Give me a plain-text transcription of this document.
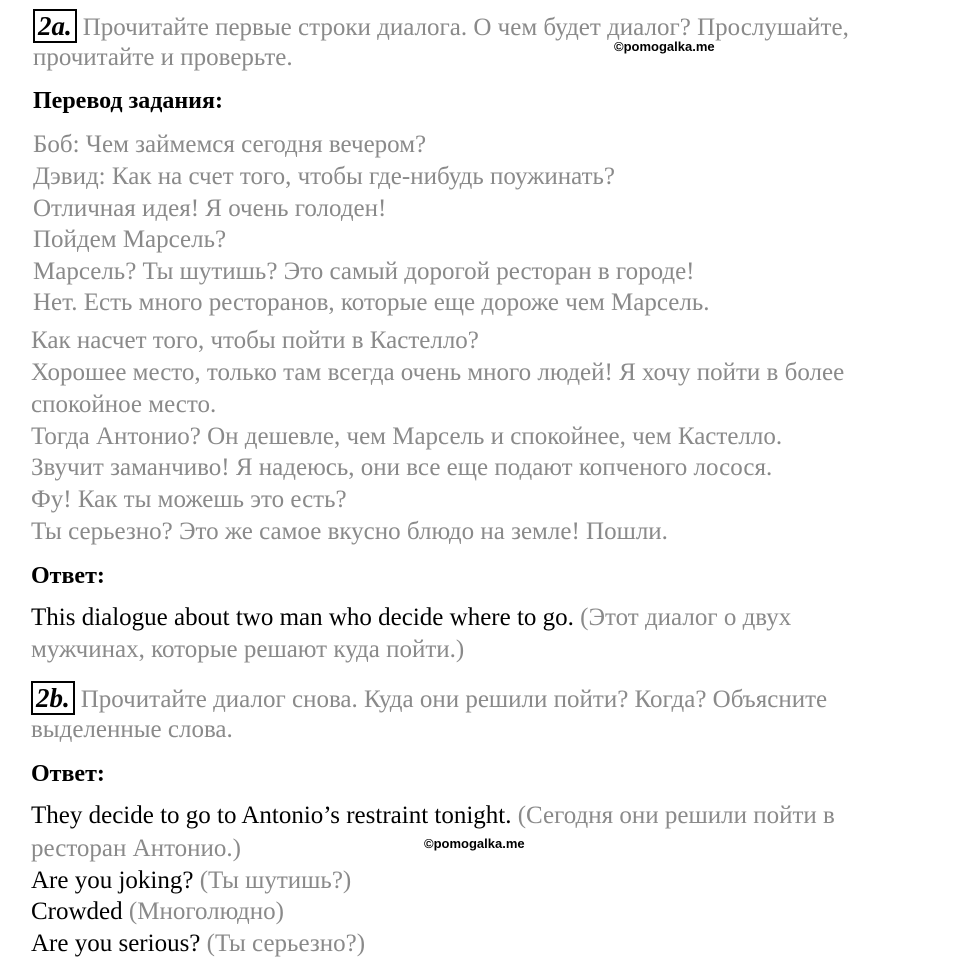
2a. Прочитайте первые строки диалога. О чем будет диалог? Прослушайте,
©pomogalka.me
прочитайте и проверьте.
Перевод задания:
Боб: Чем займемся сегодня вечером?
Дэвид: Как на счет того, чтобы где-нибудь поужинать?
Отличная идея! Я очень голоден!
Пойдем Марсель?
Марсель? Ты шутишь? Это самый дорогой ресторан в городе!
Нет. Есть много ресторанов, которые еще дороже чем Марсель.
Как насчет того, чтобы пойти в Кастелло?
Хорошее место, только там всегда очень много людей! Я хочу пойти в более
спокойное место.
Тогда Антонио? Он дешевле, чем Марсель и спокойнее, чем Кастелло.
Звучит заманчиво! Я надеюсь, они все еще подают копченого лосося.
Фу! Как ты можешь это есть?
Ты серьезно? Это же самое вкусно блюдо на земле! Пошли.
Ответ:
This dialogue about two man who decide where to go. (Этот диалог о двух
мужчинах, которые решают куда пойти.)
2b. Прочитайте диалог снова. Куда они решили пойти? Когда? Объясните
выделенные слова.
Ответ:
They decide to go to Antonio’s restraint tonight. (Сегодня они решили пойти в
ресторан Антонио.)	©pomogalka.me
Are you joking? (Ты шутишь?)
Crowded (Многолюдно)
Are you serious? (Ты серьезно?)
